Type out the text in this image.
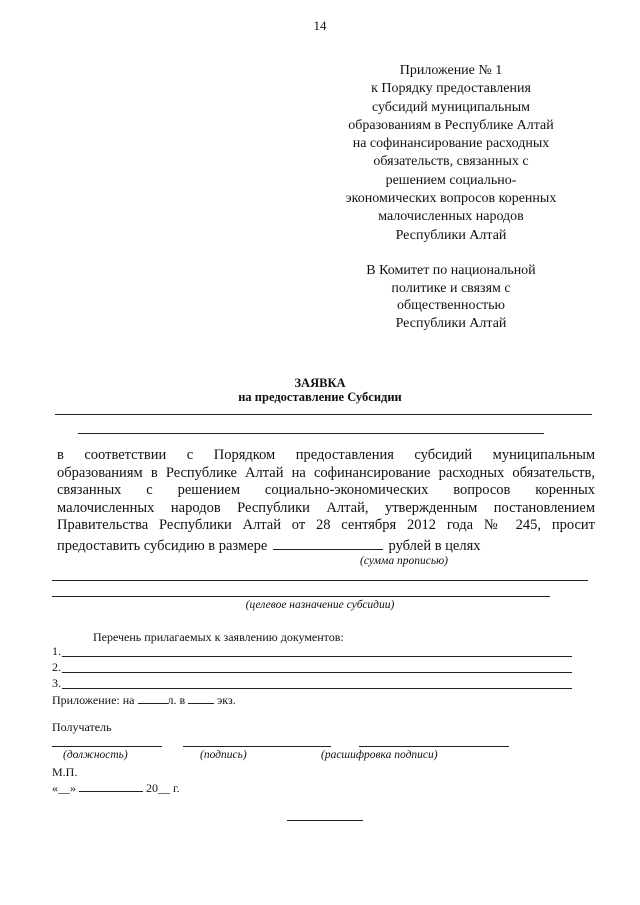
14
Приложение № 1
к Порядку предоставления
субсидий муниципальным
образованиям в Республике Алтай
на софинансирование расходных
обязательств, связанных с
решением социально-
экономических вопросов коренных
малочисленных народов
Республики Алтай
В Комитет по национальной
политике и связям с
общественностью
Республики Алтай
ЗАЯВКА
на предоставление Субсидии
в соответствии с Порядком предоставления субсидий муниципальным
образованиям в Республике Алтай на софинансирование расходных обязательств,
связанных с решением социально-экономических вопросов коренных
малочисленных народов Республики Алтай, утвержденным постановлением
Правительства Республики Алтай от 28 сентября 2012 года № 245, просит
предоставить субсидию в размере	рублей в целях
(сумма прописью)
(целевое назначение субсидии)
Перечень прилагаемых к заявлению документов:
1.
2.
3.
Приложение: на	л. в	экз.
Получатель
(должность)	(подпись)	(расшифровка подписи)
М.П.
«__»	20__ г.
